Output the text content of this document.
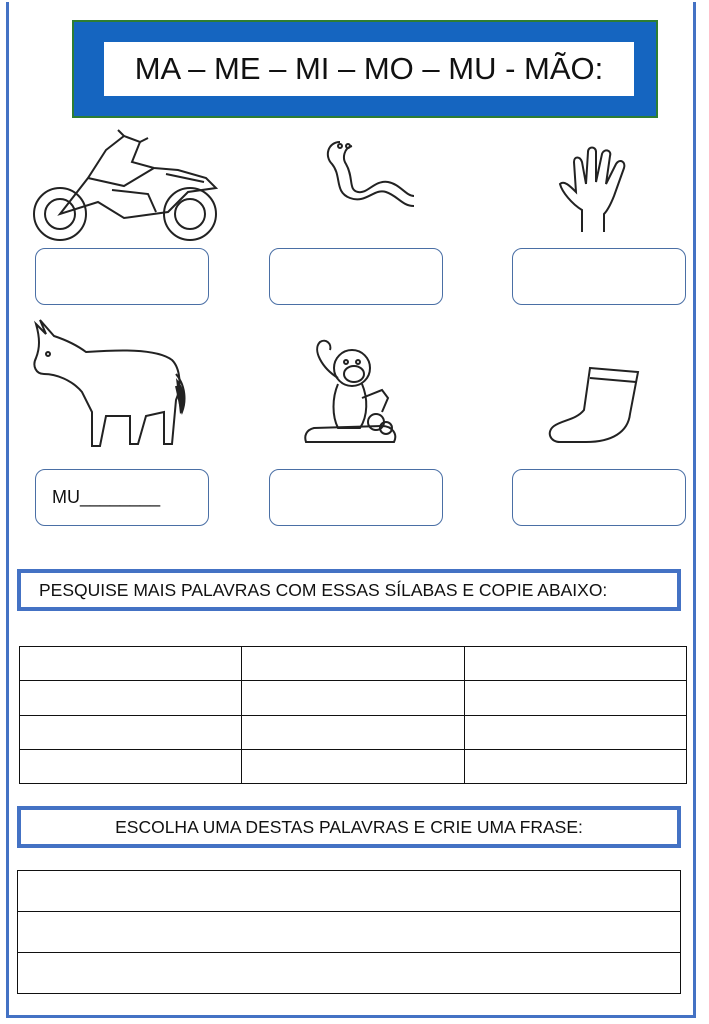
MA – ME – MI – MO – MU - MÃO:
MU________
PESQUISE MAIS PALAVRAS COM ESSAS SÍLABAS E COPIE ABAIXO:

ESCOLHA UMA DESTAS PALAVRAS E CRIE UMA FRASE:
